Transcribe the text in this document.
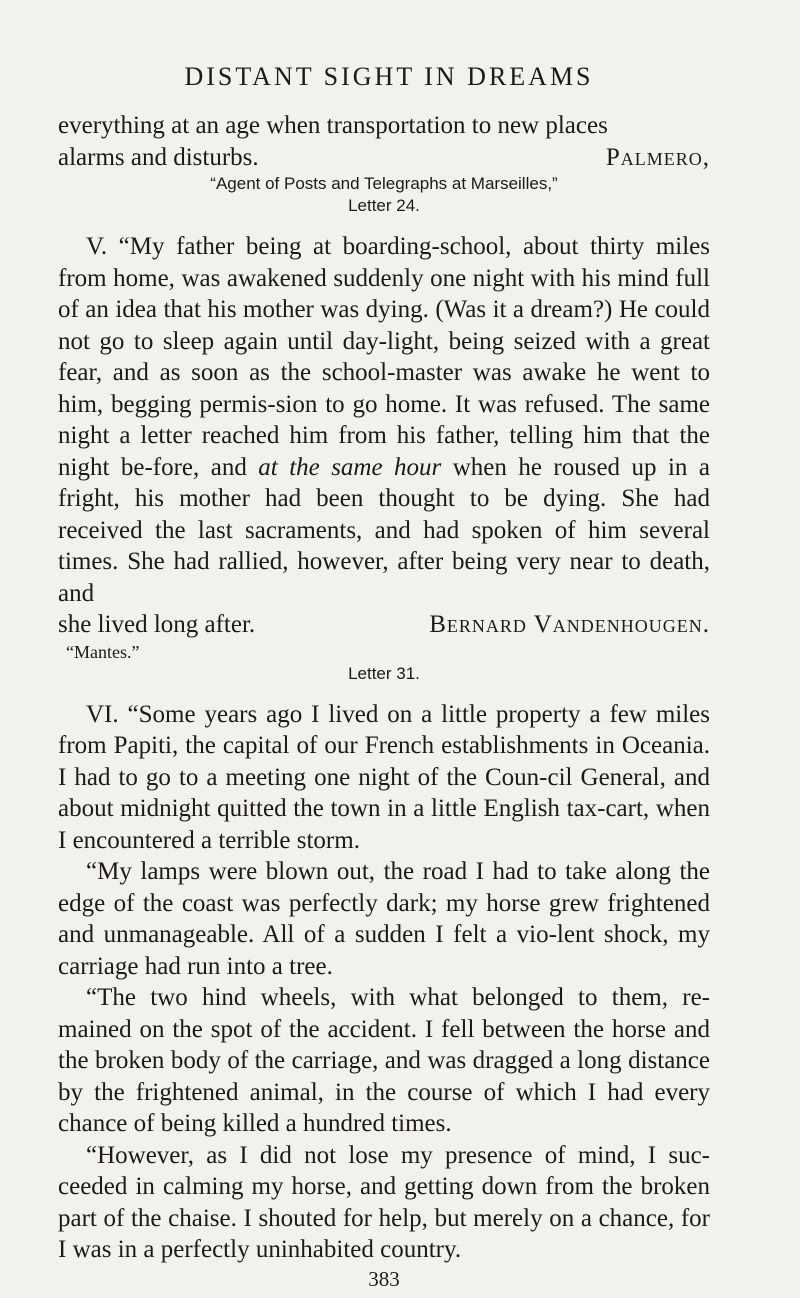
DISTANT SIGHT IN DREAMS

everything at an age when transportation to new places

alarms and disturbs.	Palmero,

“Agent of Posts and Telegraphs at Marseilles,”
Letter 24.

V. “My father being at boarding-school, about thirty miles from home, was awakened suddenly one night with his mind full of an idea that his mother was dying. (Was it a dream?) He could not go to sleep again until day-light, being seized with a great fear, and as soon as the school-master was awake he went to him, begging permis-sion to go home. It was refused. The same night a letter reached him from his father, telling him that the night be-fore, and at the same hour when he roused up in a fright, his mother had been thought to be dying. She had received the last sacraments, and had spoken of him several times. She had rallied, however, after being very near to death, and

she lived long after.	Bernard Vandenhougen.

“Mantes.”
Letter 31.

VI. “Some years ago I lived on a little property a few miles from Papiti, the capital of our French establishments in Oceania. I had to go to a meeting one night of the Coun-cil General, and about midnight quitted the town in a little English tax-cart, when I encountered a terrible storm.

“My lamps were blown out, the road I had to take along the edge of the coast was perfectly dark; my horse grew frightened and unmanageable. All of a sudden I felt a vio-lent shock, my carriage had run into a tree.

“The two hind wheels, with what belonged to them, re-mained on the spot of the accident. I fell between the horse and the broken body of the carriage, and was dragged a long distance by the frightened animal, in the course of which I had every chance of being killed a hundred times.

“However, as I did not lose my presence of mind, I suc-ceeded in calming my horse, and getting down from the broken part of the chaise. I shouted for help, but merely on a chance, for I was in a perfectly uninhabited country.

383
